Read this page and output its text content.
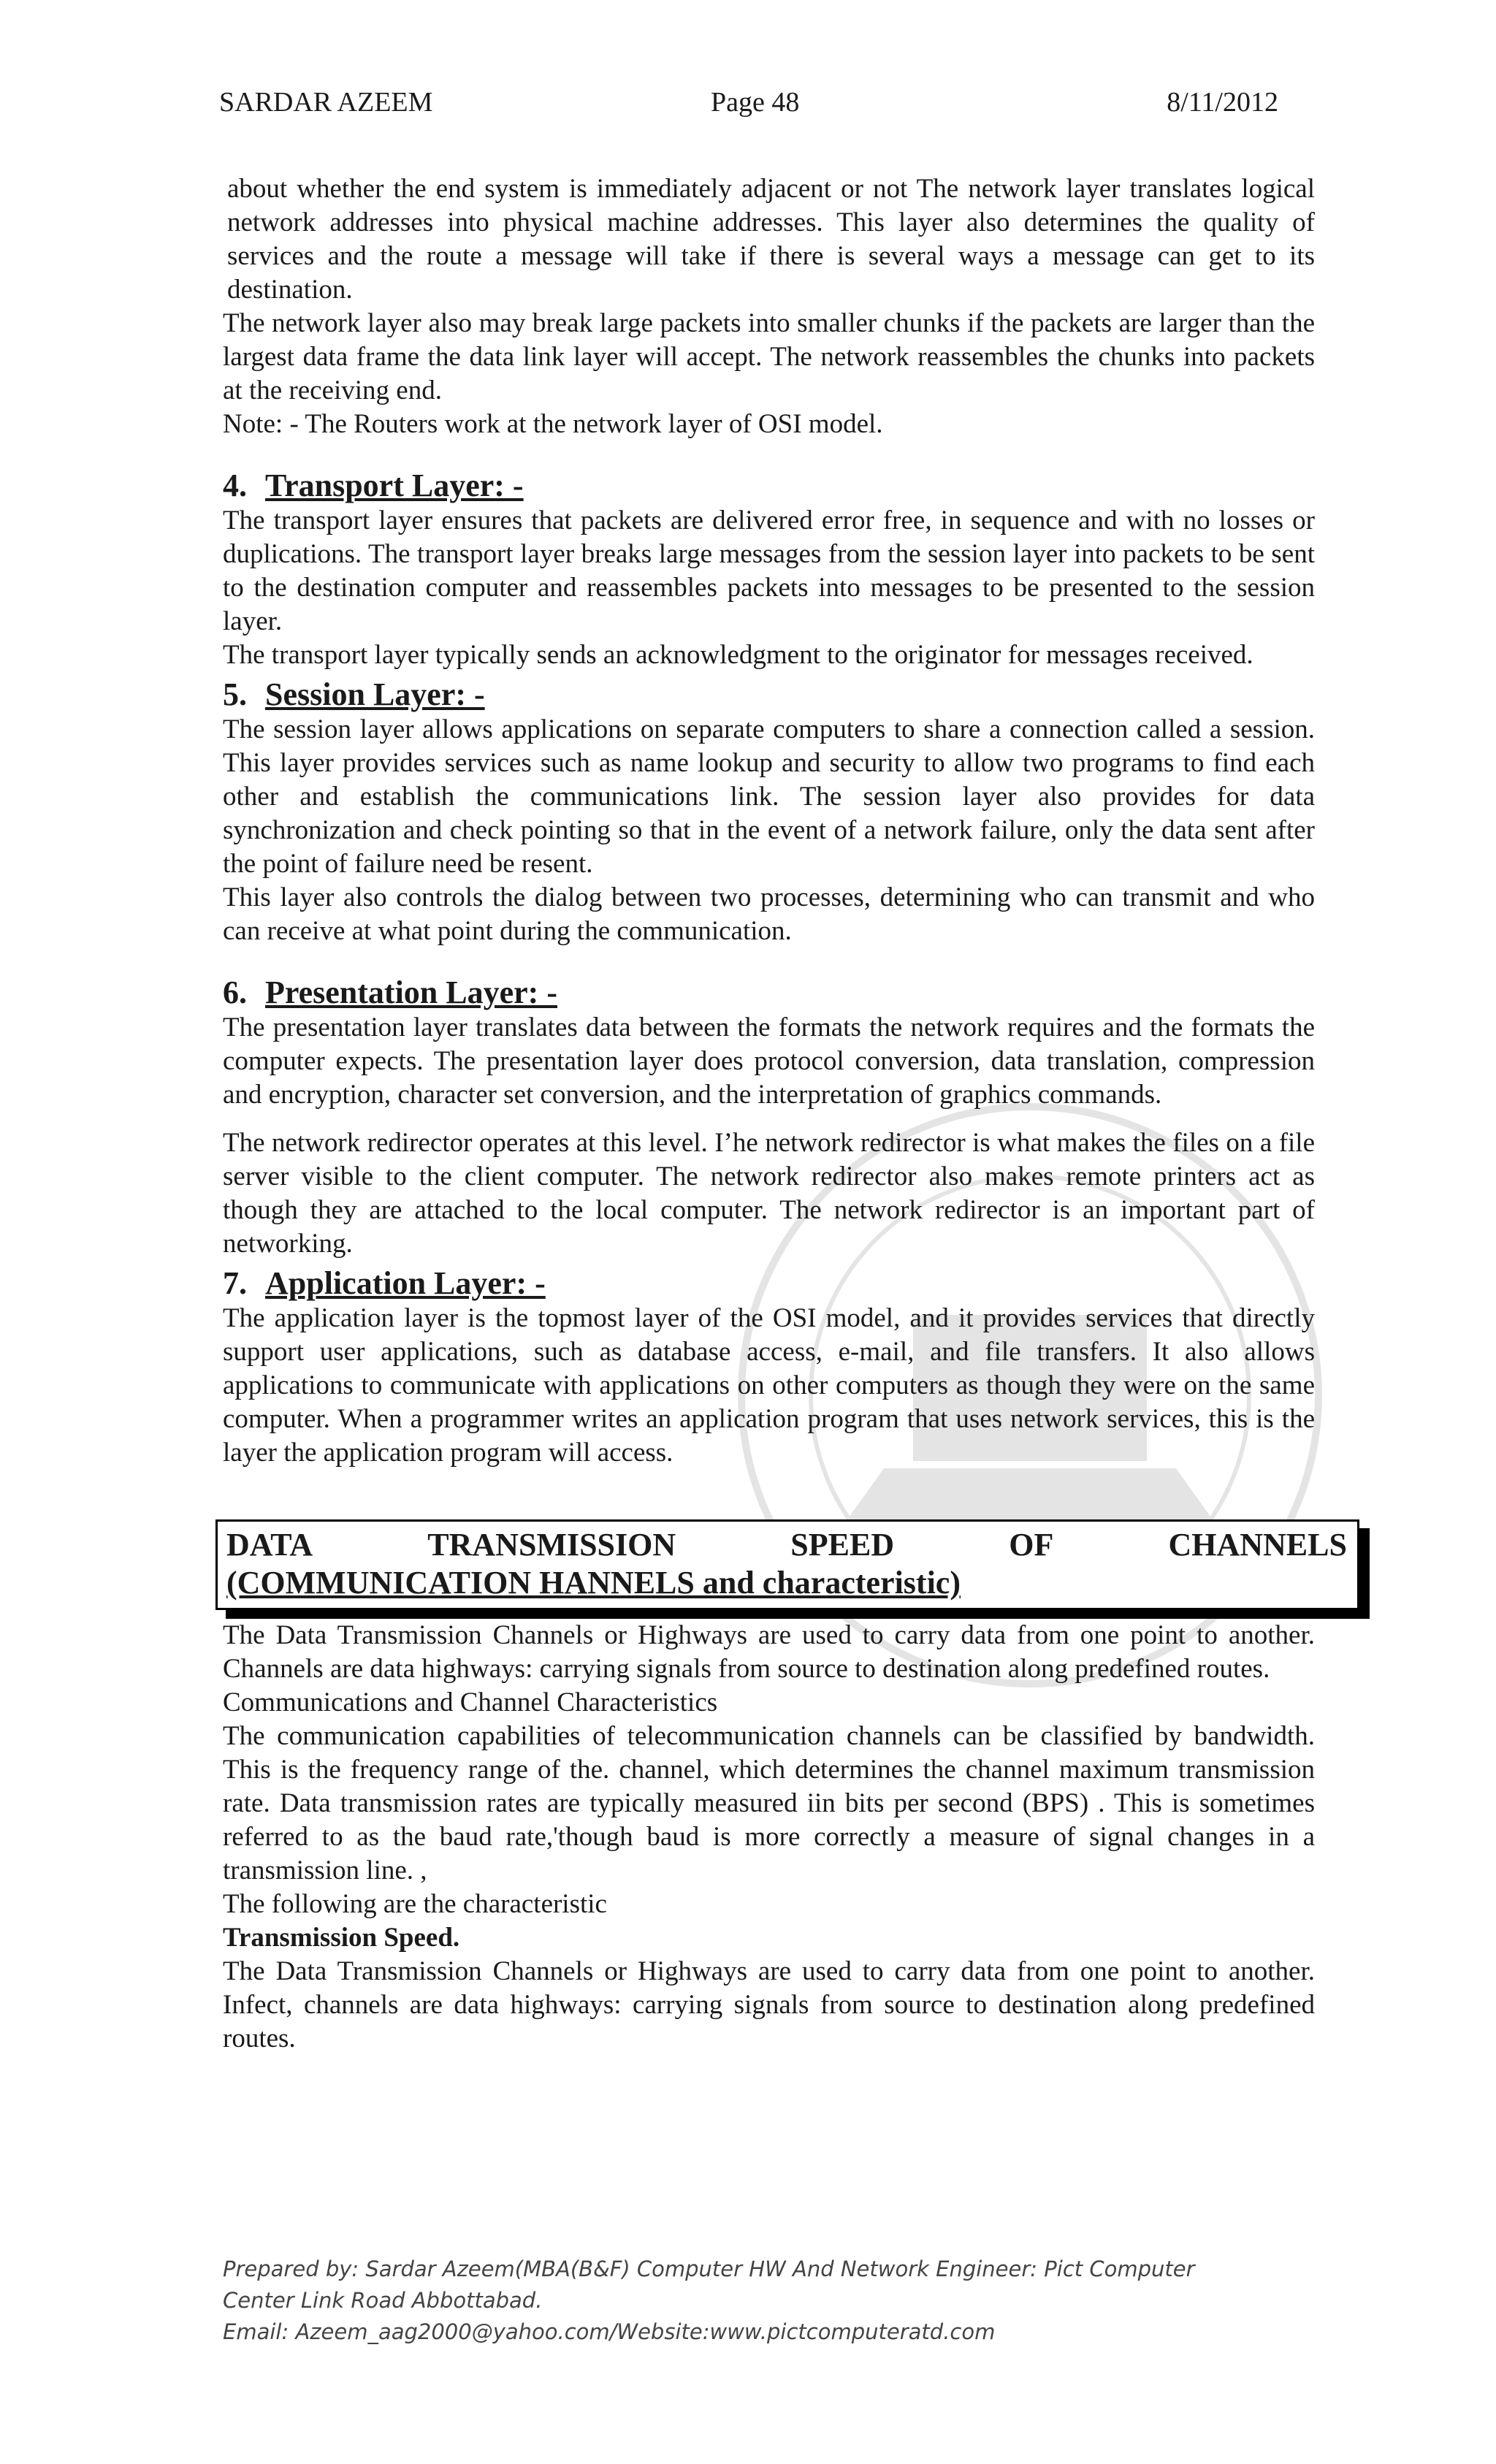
SARDAR AZEEM	Page 48	8/11/2012

about whether the end system is immediately adjacent or not The network layer translates logical network addresses into physical machine addresses. This layer also determines the quality of services and the route a message will take if there is several ways a message can get to its destination.

The network layer also may break large packets into smaller chunks if the packets are larger than the largest data frame the data link layer will accept. The network reassembles the chunks into packets at the receiving end.

Note: - The Routers work at the network layer of OSI model.

4. Transport Layer: -

The transport layer ensures that packets are delivered error free, in sequence and with no losses or duplications. The transport layer breaks large messages from the session layer into packets to be sent to the destination computer and reassembles packets into messages to be presented to the session layer.

The transport layer typically sends an acknowledgment to the originator for messages received.

5. Session Layer: -

The session layer allows applications on separate computers to share a connection called a session. This layer provides services such as name lookup and security to allow two programs to find each other and establish the communications link. The session layer also provides for data synchronization and check pointing so that in the event of a network failure, only the data sent after the point of failure need be resent.

This layer also controls the dialog between two processes, determining who can transmit and who can receive at what point during the communication.

6. Presentation Layer: -

The presentation layer translates data between the formats the network requires and the formats the computer expects. The presentation layer does protocol conversion, data translation, compression and encryption, character set conversion, and the interpretation of graphics commands.

The network redirector operates at this level. I’he network redirector is what makes the files on a file server visible to the client computer. The network redirector also makes remote printers act as though they are attached to the local computer. The network redirector is an important part of networking.

7. Application Layer: -

The application layer is the topmost layer of the OSI model, and it provides services that directly support user applications, such as database access, e-mail, and file transfers. It also allows applications to communicate with applications on other computers as though they were on the same computer. When a programmer writes an application program that uses network services, this is the layer the application program will access.

DATA	TRANSMISSION	SPEED	OF	CHANNELS
(COMMUNICATION HANNELS and characteristic)

The Data Transmission Channels or Highways are used to carry data from one point to another. Channels are data highways: carrying signals from source to destination along predefined routes.

Communications and Channel Characteristics

The communication capabilities of telecommunication channels can be classified by bandwidth. This is the frequency range of the. channel, which determines the channel maximum transmission rate. Data transmission rates are typically measured iin bits per second (BPS) . This is sometimes referred to as the baud rate,'though baud is more correctly a measure of signal changes in a transmission line. ,

The following are the characteristic

Transmission Speed.

The Data Transmission Channels or Highways are used to carry data from one point to another. Infect, channels are data highways: carrying signals from source to destination along predefined routes.

Prepared by: Sardar Azeem(MBA(B&F) Computer HW And Network Engineer: Pict Computer
Center Link Road Abbottabad.
Email: Azeem_aag2000@yahoo.com/Website:www.pictcomputeratd.com
